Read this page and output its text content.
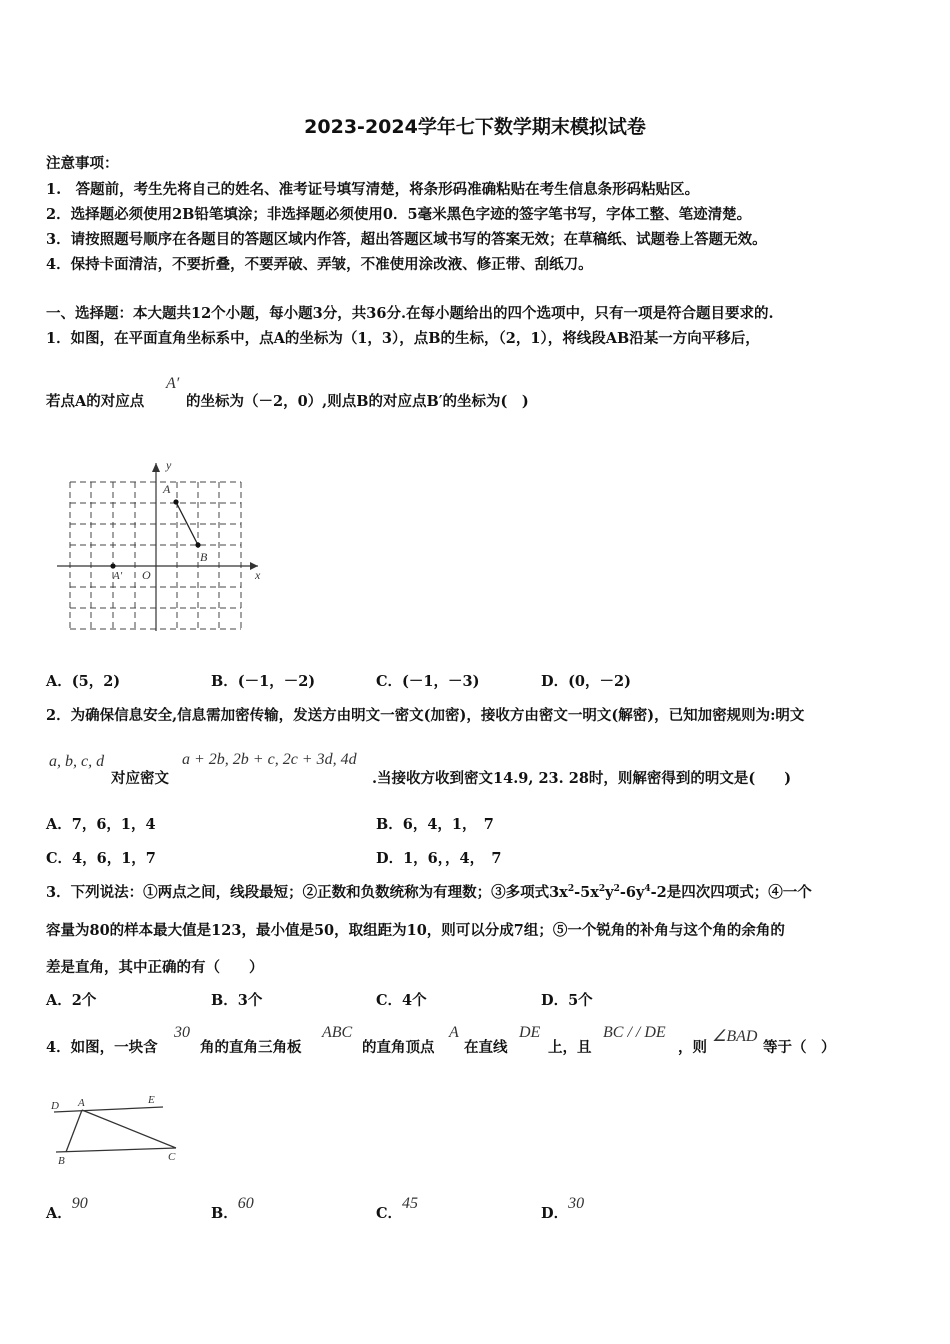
2023-2024学年七下数学期末模拟试卷
注意事项：
1.　答题前，考生先将自己的姓名、准考证号填写清楚，将条形码准确粘贴在考生信息条形码粘贴区。
2．选择题必须使用2B铅笔填涂；非选择题必须使用0．5毫米黑色字迹的签字笔书写，字体工整、笔迹清楚。
3．请按照题号顺序在各题目的答题区域内作答，超出答题区域书写的答案无效；在草稿纸、试题卷上答题无效。
4．保持卡面清洁，不要折叠，不要弄破、弄皱，不准使用涂改液、修正带、刮纸刀。
一、选择题：本大题共12个小题，每小题3分，共36分.在每小题给出的四个选项中，只有一项是符合题目要求的.
1．如图，在平面直角坐标系中，点A的坐标为（1，3），点B的生标，（2，1），将线段AB沿某一方向平移后，
若点A的对应点
A′
的坐标为（－2，0）,则点B的对应点B′的坐标为(　)
y
x
A
B
A′ O
A．(5，2)	B．(－1，－2)	C．(－1，－3)	D．(0，－2)
2．为确保信息安全,信息需加密传输，发送方由明文一密文(加密)，接收方由密文一明文(解密)，已知加密规则为:明文
a, b, c, d
对应密文
a + 2b, 2b + c, 2c + 3d, 4d
.当接收方收到密文14.9, 23. 28时，则解密得到的明文是(　　)
A．7，6，1，4	B．6，4，1，　7
C．4，6，1，7	D．1，6，，4，　7
3．下列说法：①两点之间，线段最短；②正数和负数统称为有理数；③多项式$3x^2-5x^2y^2-6y^4-2$是四次四项式；④一个
容量为80的样本最大值是123，最小值是50，取组距为10，则可以分成7组；⑤一个锐角的补角与这个角的余角的
差是直角，其中正确的有（　　）
A．2个	B．3个	C．4个	D．5个
4．如图，一块含
30
角的直角三角板
ABC
的直角顶点
A
在直线
DE
上，且
BC / / DE
，则
∠BAD
等于（　）
D A	E
B	C
A．90
B．60
C．45
D．30
